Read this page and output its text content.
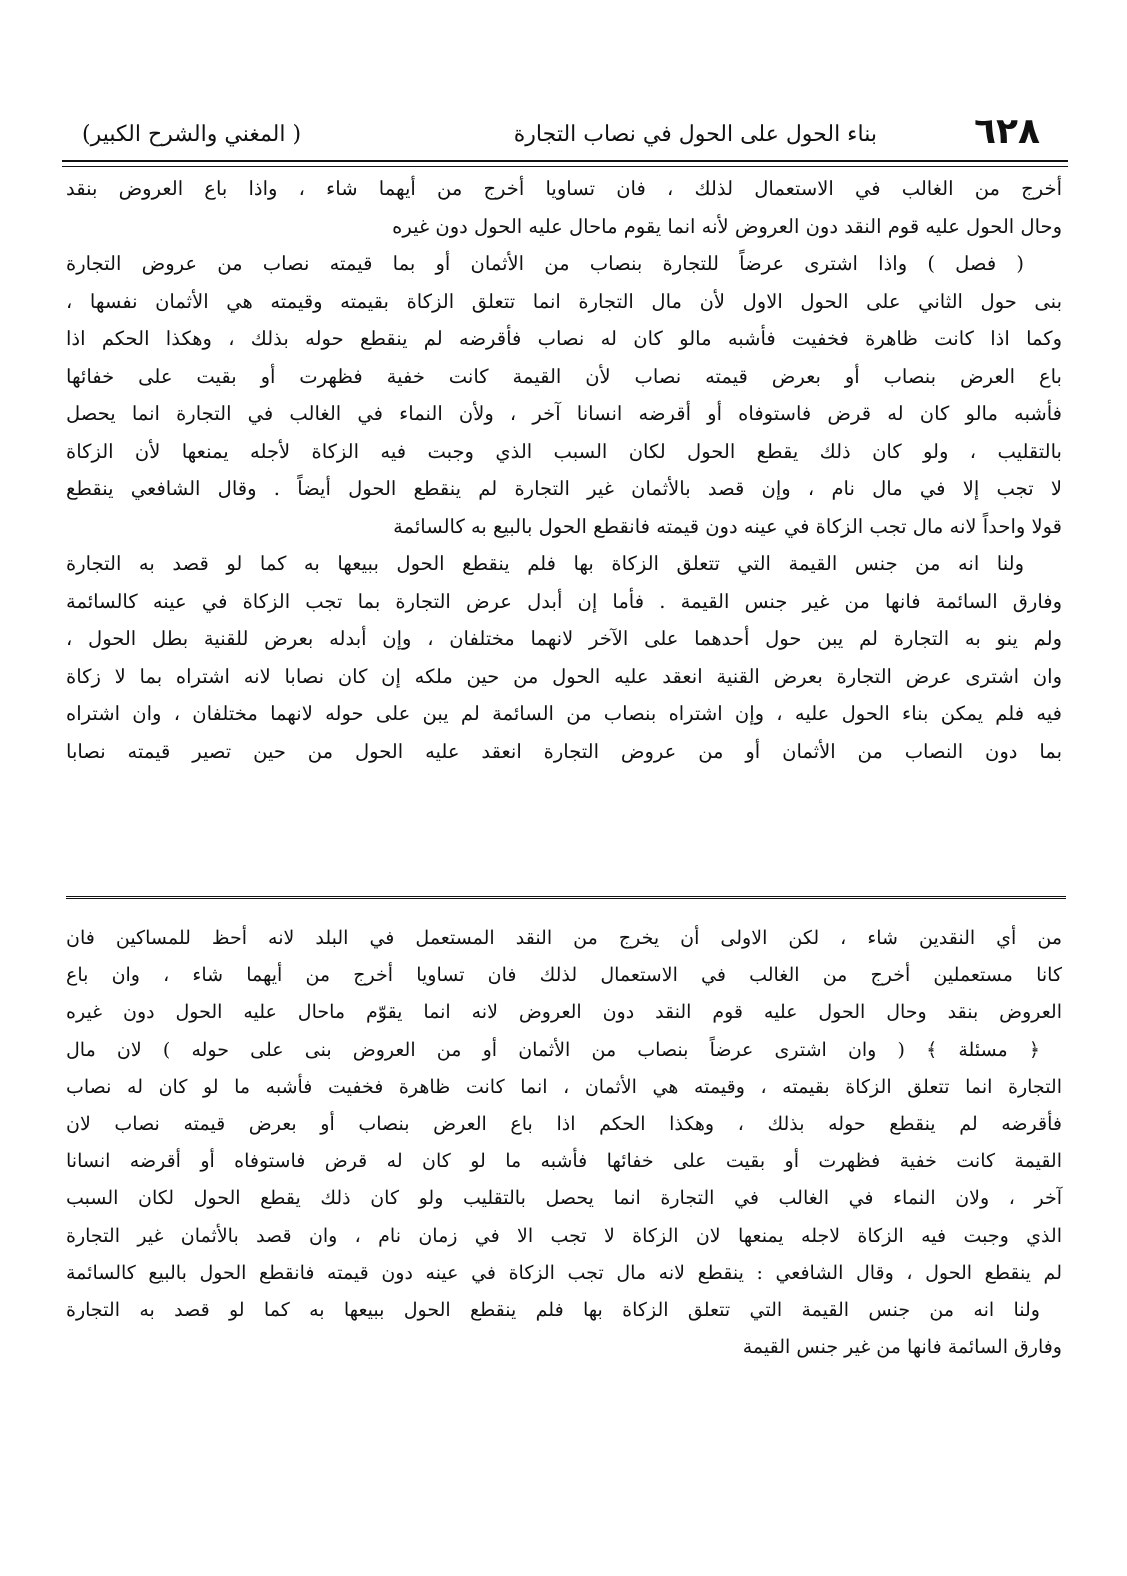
٦٢٨
بناء الحول على الحول في نصاب التجارة
( المغني والشرح الكبير)

أخرج من الغالب في الاستعمال لذلك ، فان تساويا أخرج من أيهما شاء ، واذا باع العروض بنقد

وحال الحول عليه قوم النقد دون العروض لأنه انما يقوم ماحال عليه الحول دون غيره

( فصل ) واذا اشترى عرضاً للتجارة بنصاب من الأثمان أو بما قيمته نصاب من عروض التجارة

بنى حول الثاني على الحول الاول لأن مال التجارة انما تتعلق الزكاة بقيمته وقيمته هي الأثمان نفسها ،

وكما اذا كانت ظاهرة فخفيت فأشبه مالو كان له نصاب فأقرضه لم ينقطع حوله بذلك ، وهكذا الحكم اذا

باع العرض بنصاب أو بعرض قيمته نصاب لأن القيمة كانت خفية فظهرت أو بقيت على خفائها

فأشبه مالو كان له قرض فاستوفاه أو أقرضه انسانا آخر ، ولأن النماء في الغالب في التجارة انما يحصل

بالتقليب ، ولو كان ذلك يقطع الحول لكان السبب الذي وجبت فيه الزكاة لأجله يمنعها لأن الزكاة

لا تجب إلا في مال نام ، وإن قصد بالأثمان غير التجارة لم ينقطع الحول أيضاً . وقال الشافعي ينقطع

قولا واحداً لانه مال تجب الزكاة في عينه دون قيمته فانقطع الحول بالبيع به كالسائمة

ولنا انه من جنس القيمة التي تتعلق الزكاة بها فلم ينقطع الحول ببيعها به كما لو قصد به التجارة

وفارق السائمة فانها من غير جنس القيمة . فأما إن أبدل عرض التجارة بما تجب الزكاة في عينه كالسائمة

ولم ينو به التجارة لم يبن حول أحدهما على الآخر لانهما مختلفان ، وإن أبدله بعرض للقنية بطل الحول ،

وان اشترى عرض التجارة بعرض القنية انعقد عليه الحول من حين ملكه إن كان نصابا لانه اشتراه بما لا زكاة

فيه فلم يمكن بناء الحول عليه ، وإن اشتراه بنصاب من السائمة لم يبن على حوله لانهما مختلفان ، وان اشتراه

بما دون النصاب من الأثمان أو من عروض التجارة انعقد عليه الحول من حين تصير قيمته نصابا

من أي النقدين شاء ، لكن الاولى أن يخرج من النقد المستعمل في البلد لانه أحظ للمساكين فان

كانا مستعملين أخرج من الغالب في الاستعمال لذلك فان تساويا أخرج من أيهما شاء ، وان باع

العروض بنقد وحال الحول عليه قوم النقد دون العروض لانه انما يقوّم ماحال عليه الحول دون غيره

﴿ مسئلة ﴾ ( وان اشترى عرضاً بنصاب من الأثمان أو من العروض بنى على حوله ) لان مال

التجارة انما تتعلق الزكاة بقيمته ، وقيمته هي الأثمان ، انما كانت ظاهرة فخفيت فأشبه ما لو كان له نصاب

فأقرضه لم ينقطع حوله بذلك ، وهكذا الحكم اذا باع العرض بنصاب أو بعرض قيمته نصاب لان

القيمة كانت خفية فظهرت أو بقيت على خفائها فأشبه ما لو كان له قرض فاستوفاه أو أقرضه انسانا

آخر ، ولان النماء في الغالب في التجارة انما يحصل بالتقليب ولو كان ذلك يقطع الحول لكان السبب

الذي وجبت فيه الزكاة لاجله يمنعها لان الزكاة لا تجب الا في زمان نام ، وان قصد بالأثمان غير التجارة

لم ينقطع الحول ، وقال الشافعي : ينقطع لانه مال تجب الزكاة في عينه دون قيمته فانقطع الحول بالبيع كالسائمة

ولنا انه من جنس القيمة التي تتعلق الزكاة بها فلم ينقطع الحول ببيعها به كما لو قصد به التجارة

وفارق السائمة فانها من غير جنس القيمة
